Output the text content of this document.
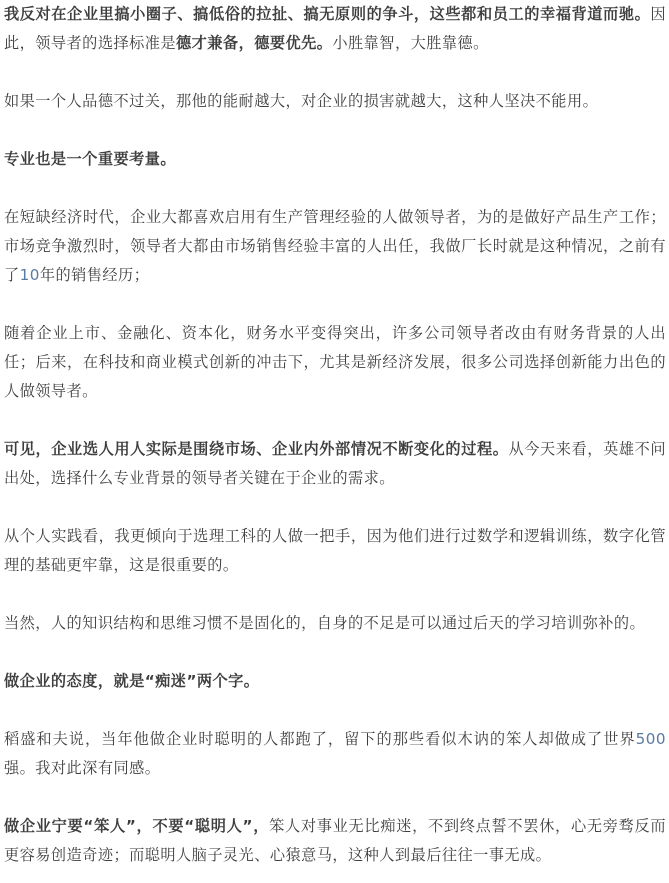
我反对在企业里搞小圈子、搞低俗的拉扯、搞无原则的争斗，这些都和员工的幸福背道而驰。因此，领导者的选择标准是德才兼备，德要优先。小胜靠智，大胜靠德。

如果一个人品德不过关，那他的能耐越大，对企业的损害就越大，这种人坚决不能用。

专业也是一个重要考量。

在短缺经济时代，企业大都喜欢启用有生产管理经验的人做领导者，为的是做好产品生产工作；市场竞争激烈时，领导者大都由市场销售经验丰富的人出任，我做厂长时就是这种情况，之前有了10年的销售经历；

随着企业上市、金融化、资本化，财务水平变得突出，许多公司领导者改由有财务背景的人出任；后来，在科技和商业模式创新的冲击下，尤其是新经济发展，很多公司选择创新能力出色的人做领导者。

可见，企业选人用人实际是围绕市场、企业内外部情况不断变化的过程。从今天来看，英雄不问出处，选择什么专业背景的领导者关键在于企业的需求。

从个人实践看，我更倾向于选理工科的人做一把手，因为他们进行过数学和逻辑训练，数字化管理的基础更牢靠，这是很重要的。

当然，人的知识结构和思维习惯不是固化的，自身的不足是可以通过后天的学习培训弥补的。

做企业的态度，就是“痴迷”两个字。

稻盛和夫说，当年他做企业时聪明的人都跑了，留下的那些看似木讷的笨人却做成了世界500强。我对此深有同感。

做企业宁要“笨人”，不要“聪明人”，笨人对事业无比痴迷，不到终点誓不罢休，心无旁骛反而更容易创造奇迹；而聪明人脑子灵光、心猿意马，这种人到最后往往一事无成。
